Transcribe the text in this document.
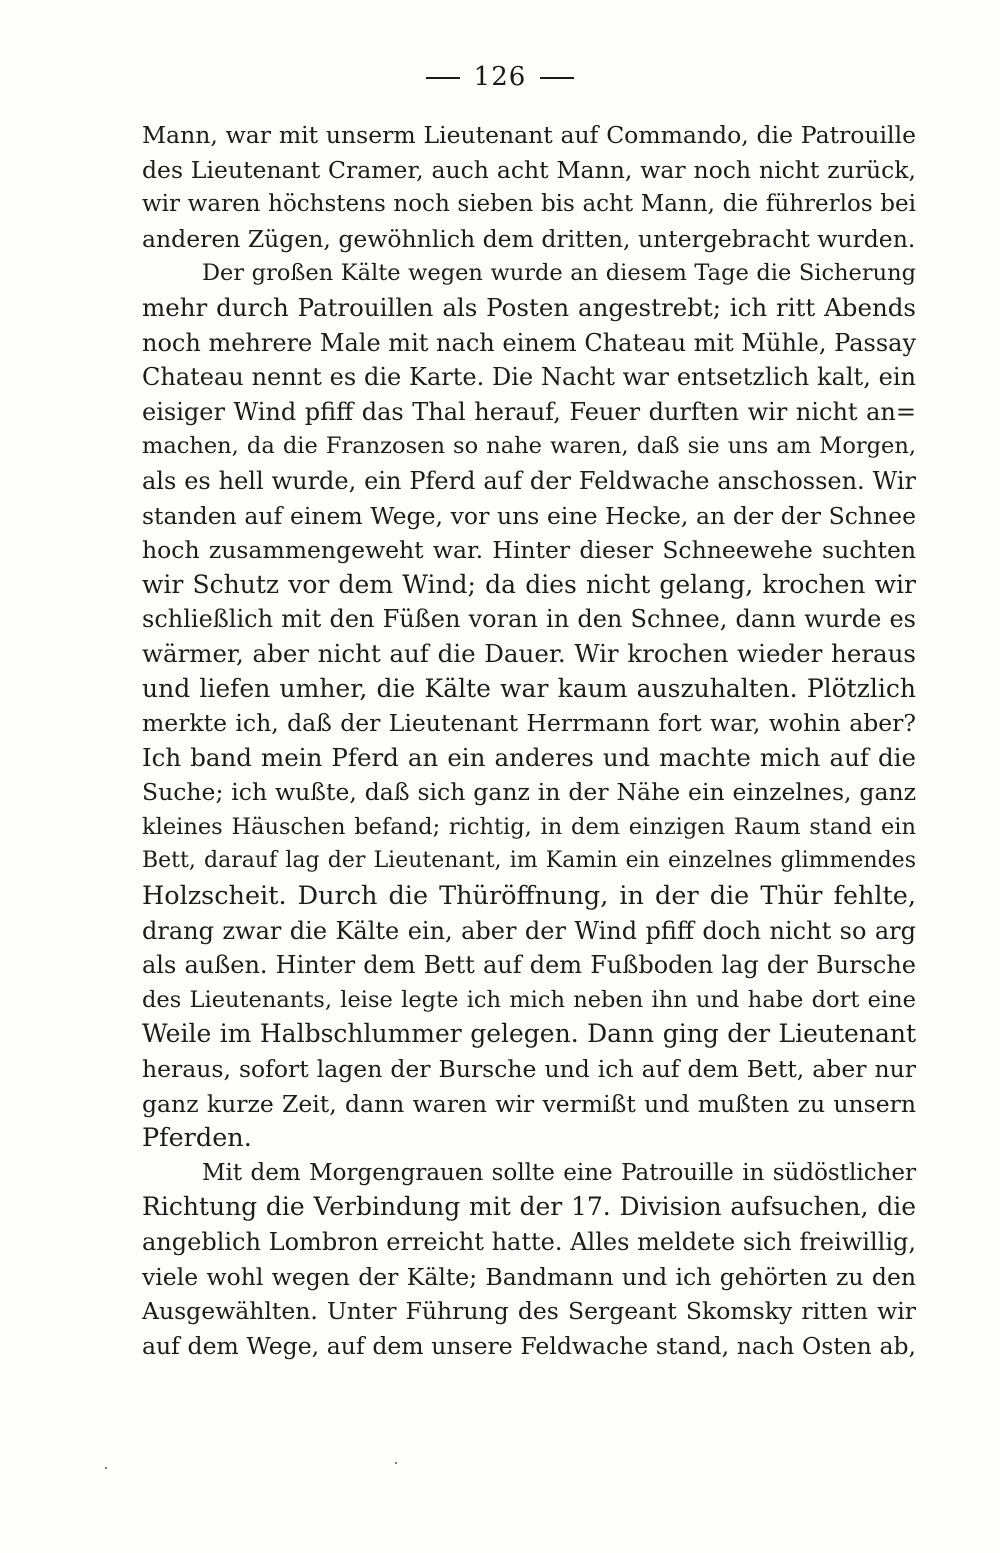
126
Mann, war mit unserm Lieutenant auf Commando, die Patrouille
des Lieutenant Cramer, auch acht Mann, war noch nicht zurück,
wir waren höchstens noch sieben bis acht Mann, die führerlos bei
anderen Zügen, gewöhnlich dem dritten, untergebracht wurden.
Der großen Kälte wegen wurde an diesem Tage die Sicherung
mehr durch Patrouillen als Posten angestrebt; ich ritt Abends
noch mehrere Male mit nach einem Chateau mit Mühle, Passay
Chateau nennt es die Karte. Die Nacht war entsetzlich kalt, ein
eisiger Wind pfiff das Thal herauf, Feuer durften wir nicht an=
machen, da die Franzosen so nahe waren, daß sie uns am Morgen,
als es hell wurde, ein Pferd auf der Feldwache anschossen. Wir
standen auf einem Wege, vor uns eine Hecke, an der der Schnee
hoch zusammengeweht war. Hinter dieser Schneewehe suchten
wir Schutz vor dem Wind; da dies nicht gelang, krochen wir
schließlich mit den Füßen voran in den Schnee, dann wurde es
wärmer, aber nicht auf die Dauer. Wir krochen wieder heraus
und liefen umher, die Kälte war kaum auszuhalten. Plötzlich
merkte ich, daß der Lieutenant Herrmann fort war, wohin aber?
Ich band mein Pferd an ein anderes und machte mich auf die
Suche; ich wußte, daß sich ganz in der Nähe ein einzelnes, ganz
kleines Häuschen befand; richtig, in dem einzigen Raum stand ein
Bett, darauf lag der Lieutenant, im Kamin ein einzelnes glimmendes
Holzscheit. Durch die Thüröffnung, in der die Thür fehlte,
drang zwar die Kälte ein, aber der Wind pfiff doch nicht so arg
als außen. Hinter dem Bett auf dem Fußboden lag der Bursche
des Lieutenants, leise legte ich mich neben ihn und habe dort eine
Weile im Halbschlummer gelegen. Dann ging der Lieutenant
heraus, sofort lagen der Bursche und ich auf dem Bett, aber nur
ganz kurze Zeit, dann waren wir vermißt und mußten zu unsern
Pferden.
Mit dem Morgengrauen sollte eine Patrouille in südöstlicher
Richtung die Verbindung mit der 17. Division aufsuchen, die
angeblich Lombron erreicht hatte. Alles meldete sich freiwillig,
viele wohl wegen der Kälte; Bandmann und ich gehörten zu den
Ausgewählten. Unter Führung des Sergeant Skomsky ritten wir
auf dem Wege, auf dem unsere Feldwache stand, nach Osten ab,
